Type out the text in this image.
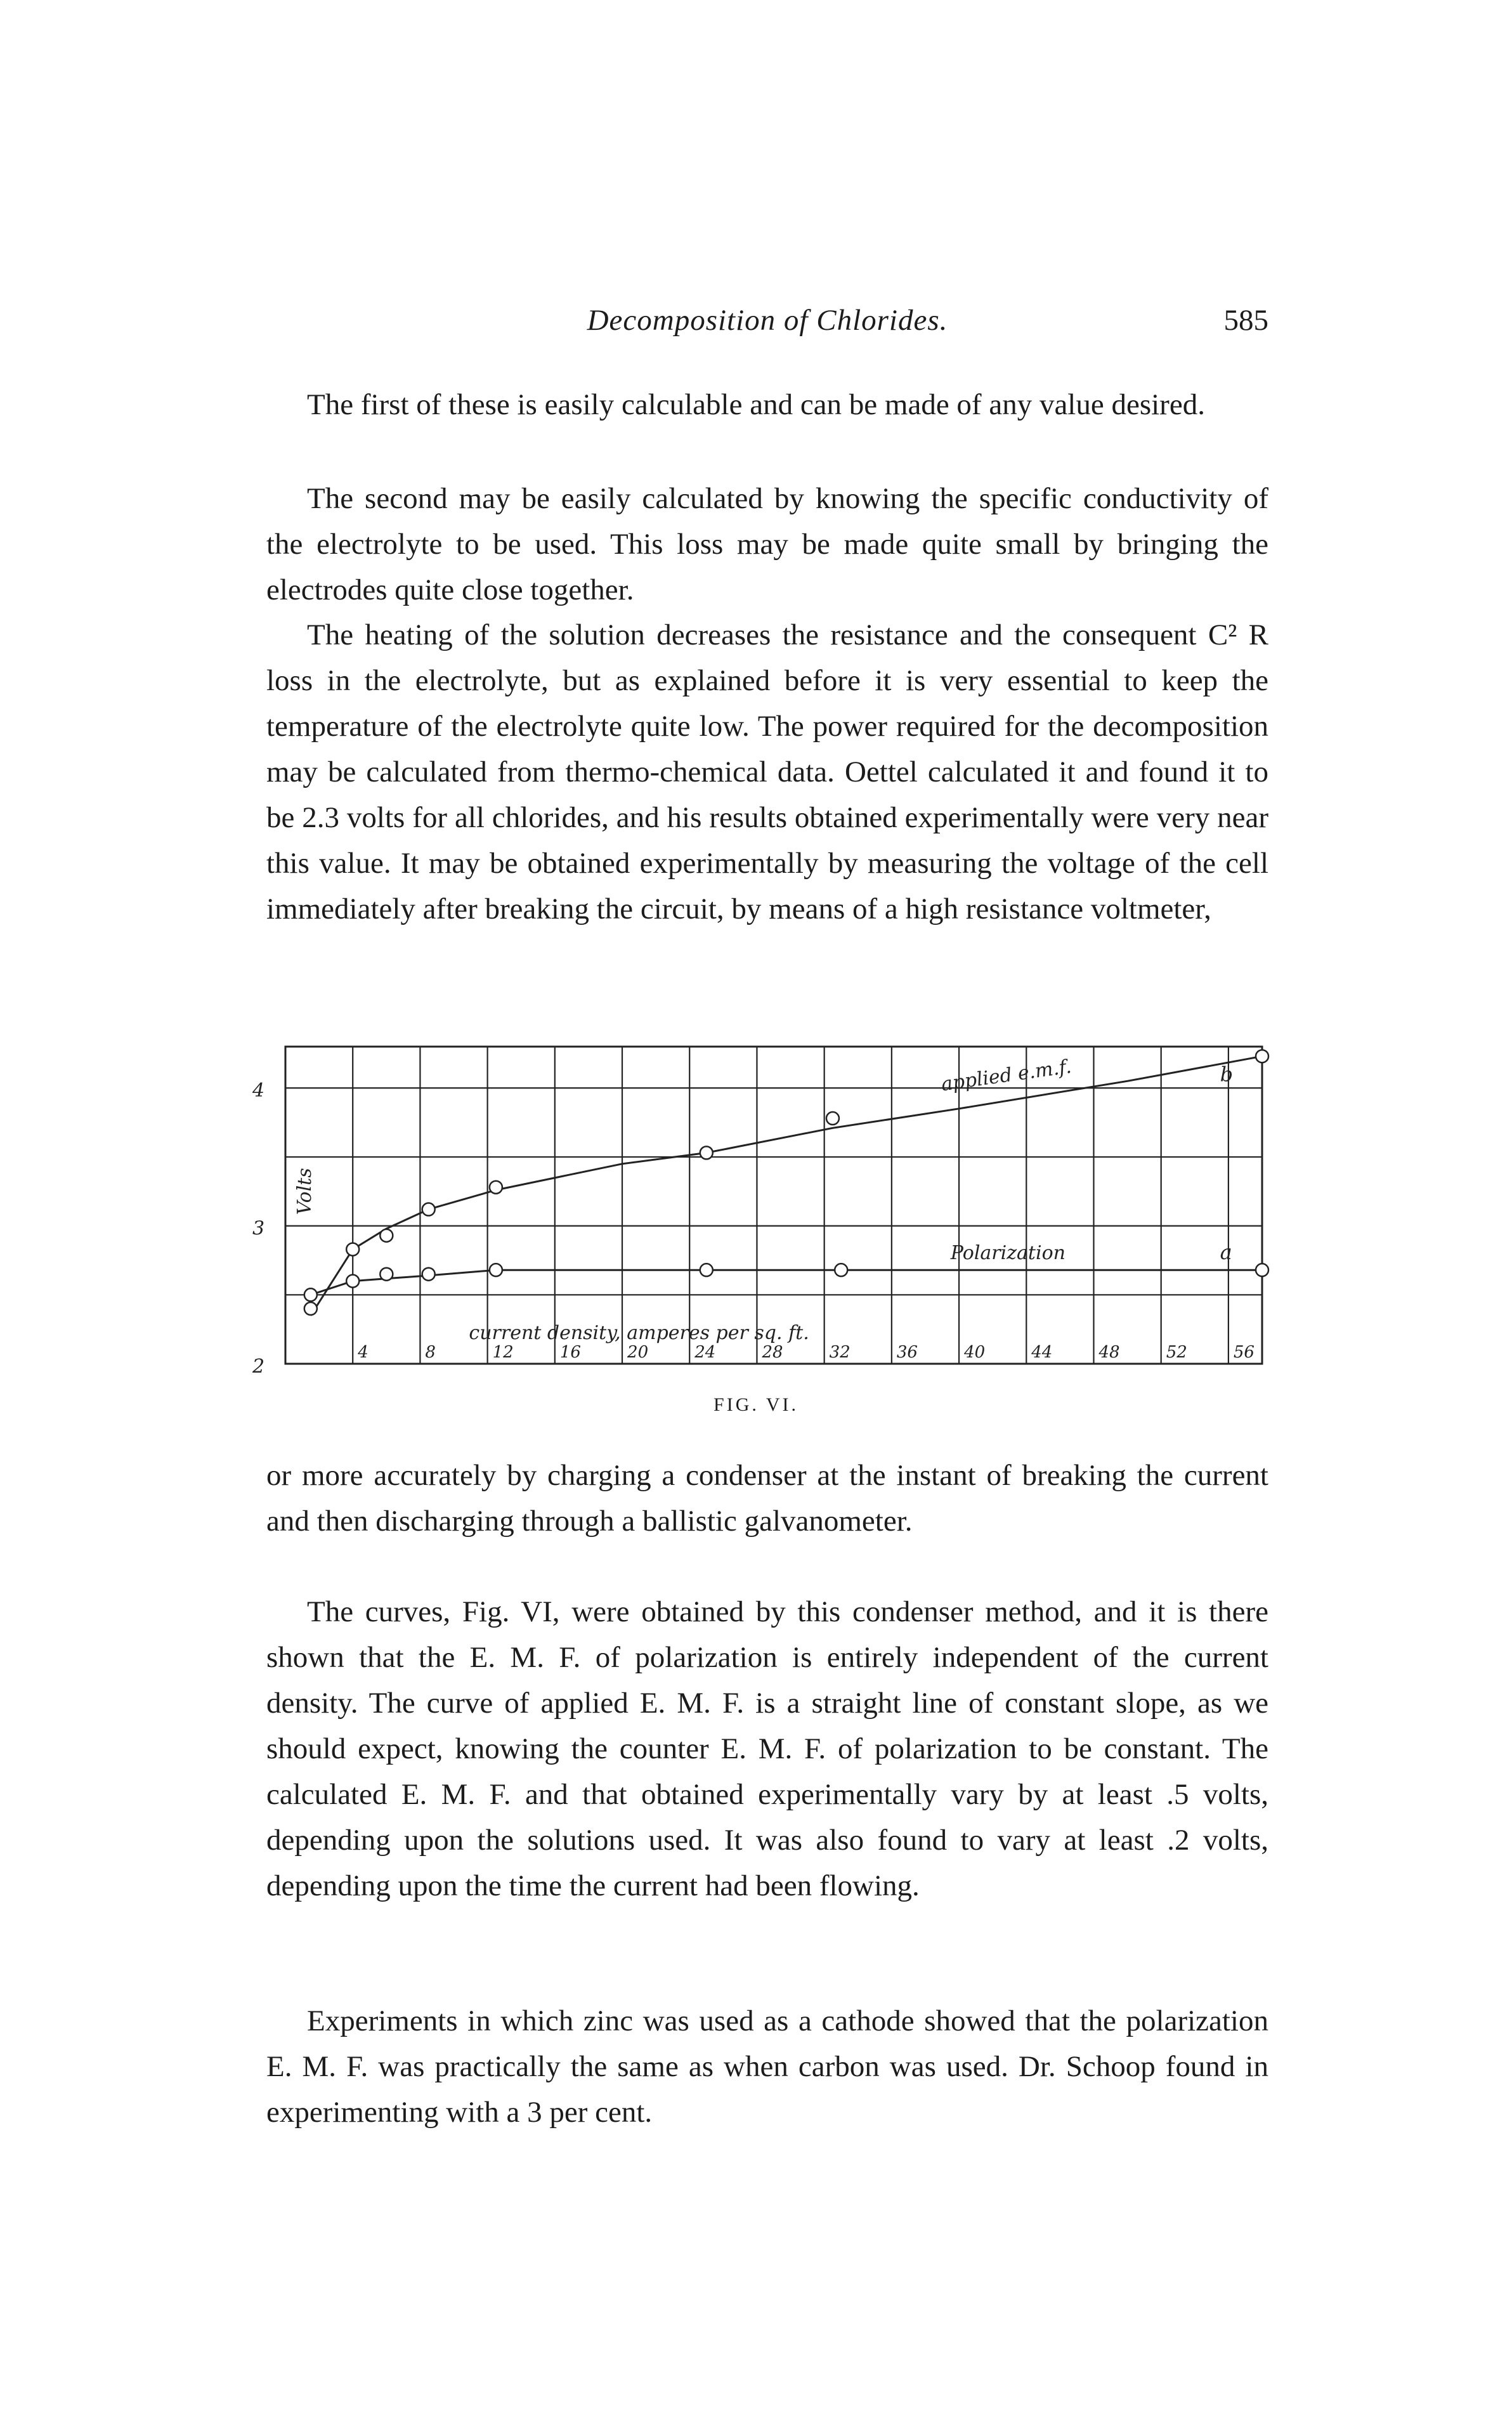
Decomposition of Chlorides.	585

The first of these is easily calculable and can be made of any value desired.

The second may be easily calculated by knowing the specific conductivity of the electrolyte to be used. This loss may be made quite small by bringing the electrodes quite close together.

The heating of the solution decreases the resistance and the consequent C² R loss in the electrolyte, but as explained before it is very essential to keep the temperature of the electrolyte quite low. The power required for the decomposition may be calculated from thermo-chemical data. Oettel calculated it and found it to be 2.3 volts for all chlorides, and his results obtained experimentally were very near this value. It may be obtained experimentally by measuring the voltage of the cell immediately after breaking the circuit, by means of a high resistance voltmeter,

4	8	12	16	20	24	28	32	36	40	44	48	52	56
2
3
4
Volts
current density, amperes per sq. ft.
applied e.m.f.	b
Polarization	a
FIG. VI.

or more accurately by charging a condenser at the instant of breaking the current and then discharging through a ballistic galvanometer.

The curves, Fig. VI, were obtained by this condenser method, and it is there shown that the E. M. F. of polarization is entirely independent of the current density. The curve of applied E. M. F. is a straight line of constant slope, as we should expect, knowing the counter E. M. F. of polarization to be constant. The calculated E. M. F. and that obtained experimentally vary by at least .5 volts, depending upon the solutions used. It was also found to vary at least .2 volts, depending upon the time the current had been flowing.

Experiments in which zinc was used as a cathode showed that the polarization E. M. F. was practically the same as when carbon was used. Dr. Schoop found in experimenting with a 3 per cent.
